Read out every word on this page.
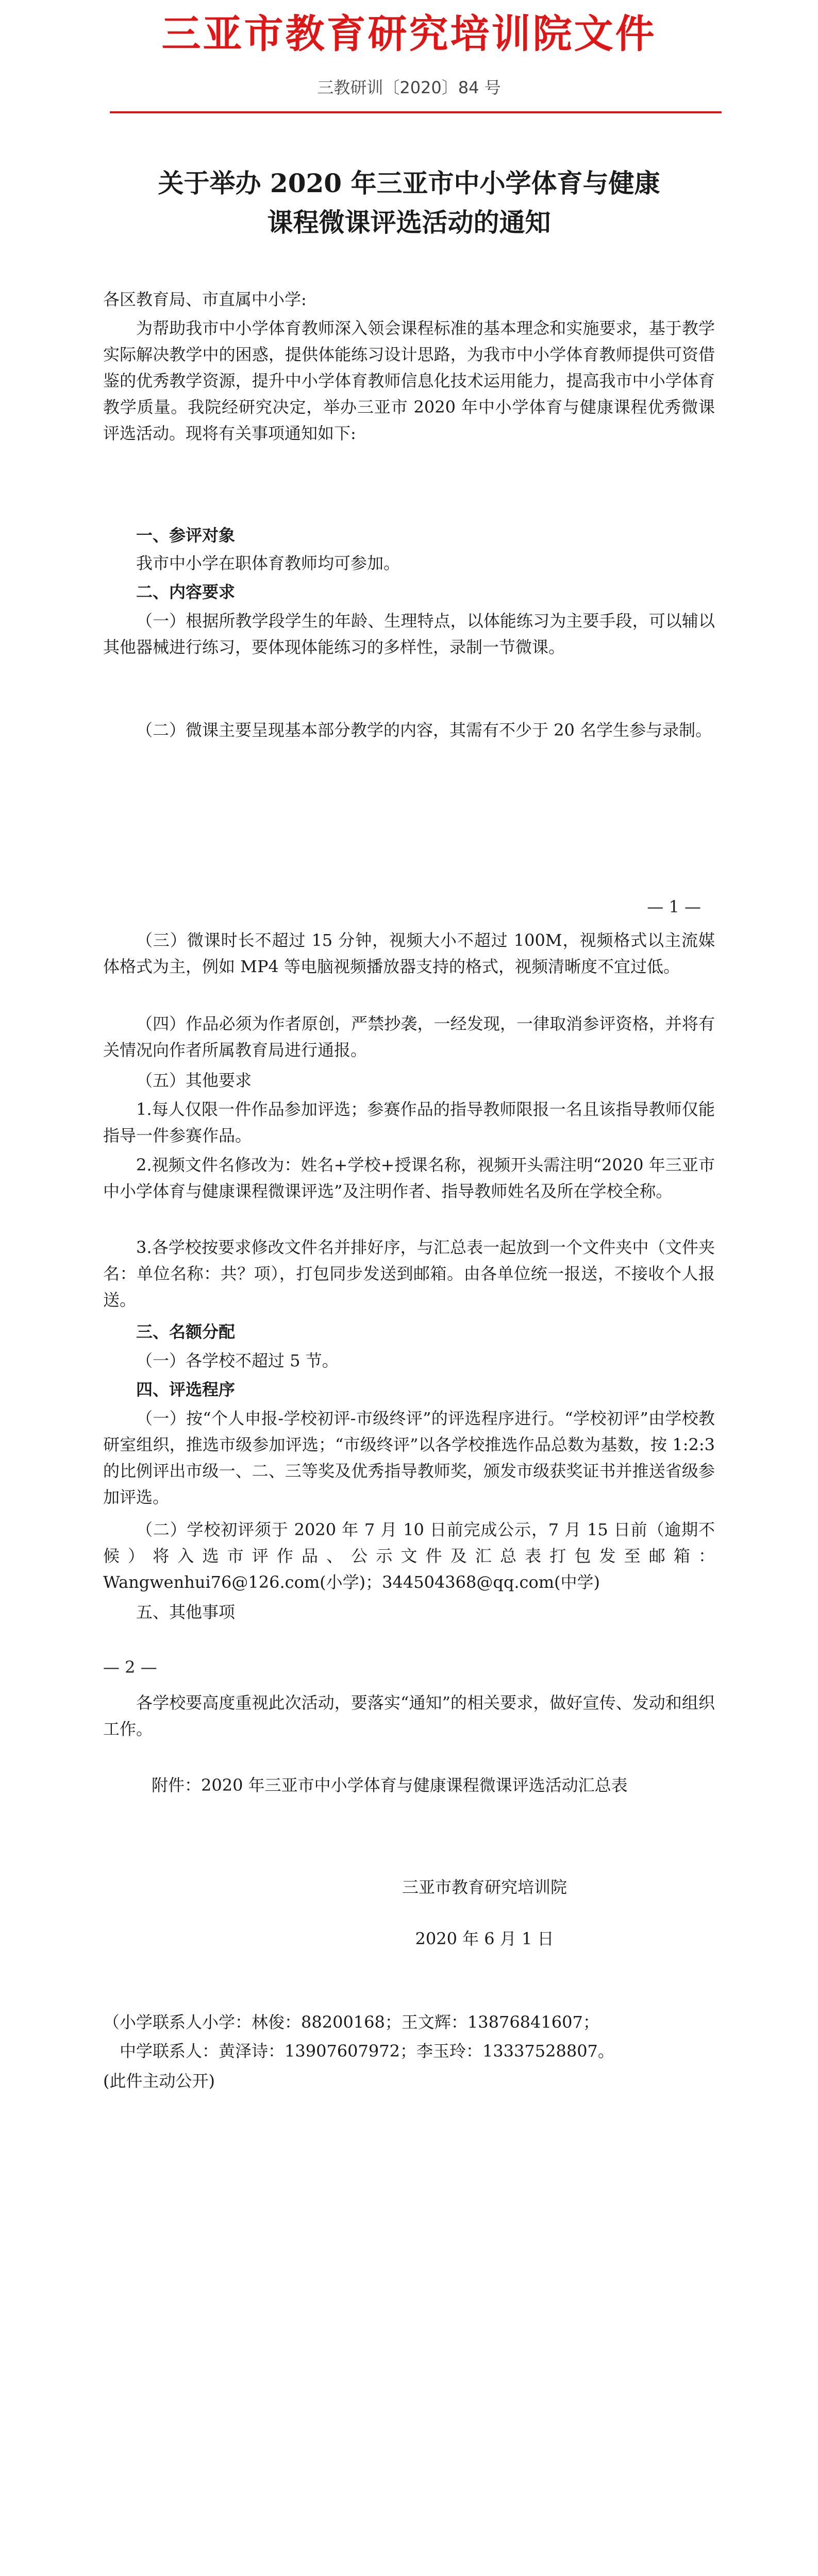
三亚市教育研究培训院文件
三教研训〔2020〕84 号
关于举办 2020 年三亚市中小学体育与健康
课程微课评选活动的通知
各区教育局、市直属中小学:
为帮助我市中小学体育教师深入领会课程标准的基本理念和实施要求，基于教学实际解决教学中的困惑，提供体能练习设计思路，为我市中小学体育教师提供可资借鉴的优秀教学资源，提升中小学体育教师信息化技术运用能力，提高我市中小学体育教学质量。我院经研究决定，举办三亚市 2020 年中小学体育与健康课程优秀微课评选活动。现将有关事项通知如下:
一、参评对象
我市中小学在职体育教师均可参加。
二、内容要求
（一）根据所教学段学生的年龄、生理特点，以体能练习为主要手段，可以辅以其他器械进行练习，要体现体能练习的多样性，录制一节微课。
（二）微课主要呈现基本部分教学的内容，其需有不少于 20 名学生参与录制。
— 1 —
（三）微课时长不超过 15 分钟，视频大小不超过 100M，视频格式以主流媒体格式为主，例如 MP4 等电脑视频播放器支持的格式，视频清晰度不宜过低。
（四）作品必须为作者原创，严禁抄袭，一经发现，一律取消参评资格，并将有关情况向作者所属教育局进行通报。
（五）其他要求
1.每人仅限一件作品参加评选；参赛作品的指导教师限报一名且该指导教师仅能指导一件参赛作品。
2.视频文件名修改为：姓名+学校+授课名称，视频开头需注明“2020 年三亚市中小学体育与健康课程微课评选”及注明作者、指导教师姓名及所在学校全称。
3.各学校按要求修改文件名并排好序，与汇总表一起放到一个文件夹中（文件夹名：单位名称：共？项），打包同步发送到邮箱。由各单位统一报送，不接收个人报送。
三、名额分配
（一）各学校不超过 5 节。
四、评选程序
（一）按“个人申报-学校初评-市级终评”的评选程序进行。“学校初评”由学校教研室组织，推选市级参加评选；“市级终评”以各学校推选作品总数为基数，按 1:2:3 的比例评出市级一、二、三等奖及优秀指导教师奖，颁发市级获奖证书并推送省级参加评选。
（二）学校初评须于 2020 年 7 月 10 日前完成公示，7 月 15 日前（逾期不候）将入选市评作品、公示文件及汇总表打包发至邮箱：Wangwenhui76@126.com(小学)；344504368@qq.com(中学)
五、其他事项
— 2 —
各学校要高度重视此次活动，要落实“通知”的相关要求，做好宣传、发动和组织工作。
附件：2020 年三亚市中小学体育与健康课程微课评选活动汇总表
三亚市教育研究培训院
2020 年 6 月 1 日
（小学联系人小学：林俊：88200168；王文辉：13876841607；
中学联系人：黄泽诗：13907607972；李玉玲：13337528807。
(此件主动公开)
